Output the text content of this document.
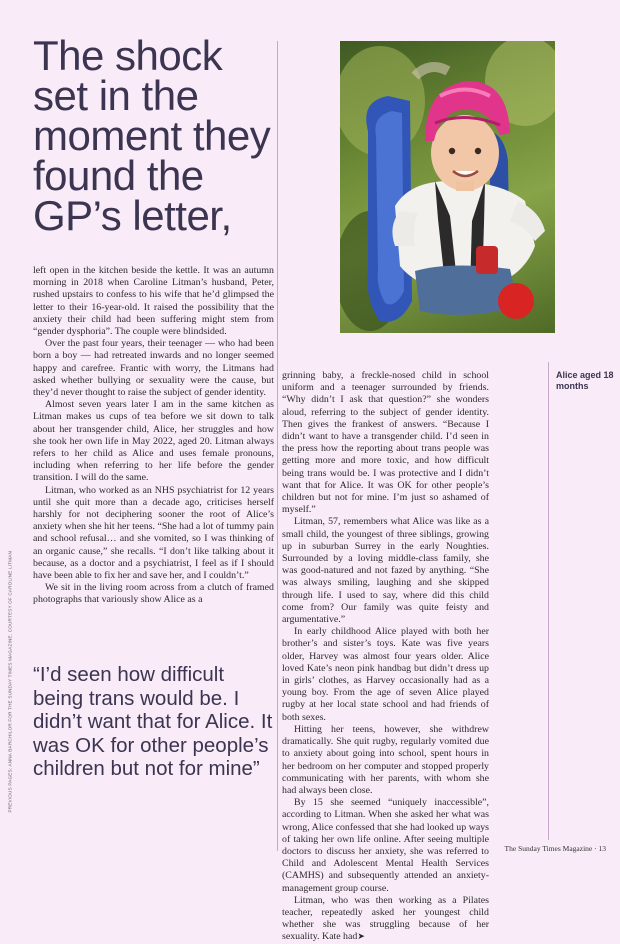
The shock set in the moment they found the GP’s letter,

left open in the kitchen beside the kettle. It was an autumn morning in 2018 when Caroline Litman’s husband, Peter, rushed upstairs to confess to his wife that he’d glimpsed the letter to their 16-year-old. It raised the possibility that the anxiety their child had been suffering might stem from “gender dysphoria”. The couple were blindsided.

Over the past four years, their teenager — who had been born a boy — had retreated inwards and no longer seemed happy and carefree. Frantic with worry, the Litmans had asked whether bullying or sexuality were the cause, but they’d never thought to raise the subject of gender identity.

Almost seven years later I am in the same kitchen as Litman makes us cups of tea before we sit down to talk about her transgender child, Alice, her struggles and how she took her own life in May 2022, aged 20. Litman always refers to her child as Alice and uses female pronouns, including when referring to her life before the gender transition. I will do the same.

Litman, who worked as an NHS psychiatrist for 12 years until she quit more than a decade ago, criticises herself harshly for not deciphering sooner the root of Alice’s anxiety when she hit her teens. “She had a lot of tummy pain and school refusal… and she vomited, so I was thinking of an organic cause,” she recalls. “I don’t like talking about it because, as a doctor and a psychiatrist, I feel as if I should have been able to fix her and save her, and I couldn’t.”

We sit in the living room across from a clutch of framed photographs that variously show Alice as a

“I’d seen how difficult being trans would be. I didn’t want that for Alice. It was OK for other people’s children but not for mine”
PREVIOUS PAGES: ANNA BARCHILOR FOR THE SUNDAY TIMES MAGAZINE. COURTESY OF CAROLINE LITMAN

grinning baby, a freckle-nosed child in school uniform and a teenager surrounded by friends. “Why didn’t I ask that question?” she wonders aloud, referring to the subject of gender identity. Then gives the frankest of answers. “Because I didn’t want to have a transgender child. I’d seen in the press how the reporting about trans people was getting more and more toxic, and how difficult being trans would be. I was protective and I didn’t want that for Alice. It was OK for other people’s children but not for mine. I’m just so ashamed of myself.”

Litman, 57, remembers what Alice was like as a small child, the youngest of three siblings, growing up in suburban Surrey in the early Noughties. Surrounded by a loving middle-class family, she was good-natured and not fazed by anything. “She was always smiling, laughing and she skipped through life. I used to say, where did this child come from? Our family was quite feisty and argumentative.”

In early childhood Alice played with both her brother’s and sister’s toys. Kate was five years older, Harvey was almost four years older. Alice loved Kate’s neon pink handbag but didn’t dress up in girls’ clothes, as Harvey occasionally had as a young boy. From the age of seven Alice played rugby at her local state school and had friends of both sexes.

Hitting her teens, however, she withdrew dramatically. She quit rugby, regularly vomited due to anxiety about going into school, spent hours in her bedroom on her computer and stopped properly communicating with her parents, with whom she had always been close.

By 15 she seemed “uniquely inaccessible”, according to Litman. When she asked her what was wrong, Alice confessed that she had looked up ways of taking her own life online. After seeing multiple doctors to discuss her anxiety, she was referred to Child and Adolescent Mental Health Services (CAMHS) and subsequently attended an anxiety-management group course.

Litman, who was then working as a Pilates teacher, repeatedly asked her youngest child whether she was struggling because of her sexuality. Kate had➤

Alice aged 18 months
The Sunday Times Magazine · 13
